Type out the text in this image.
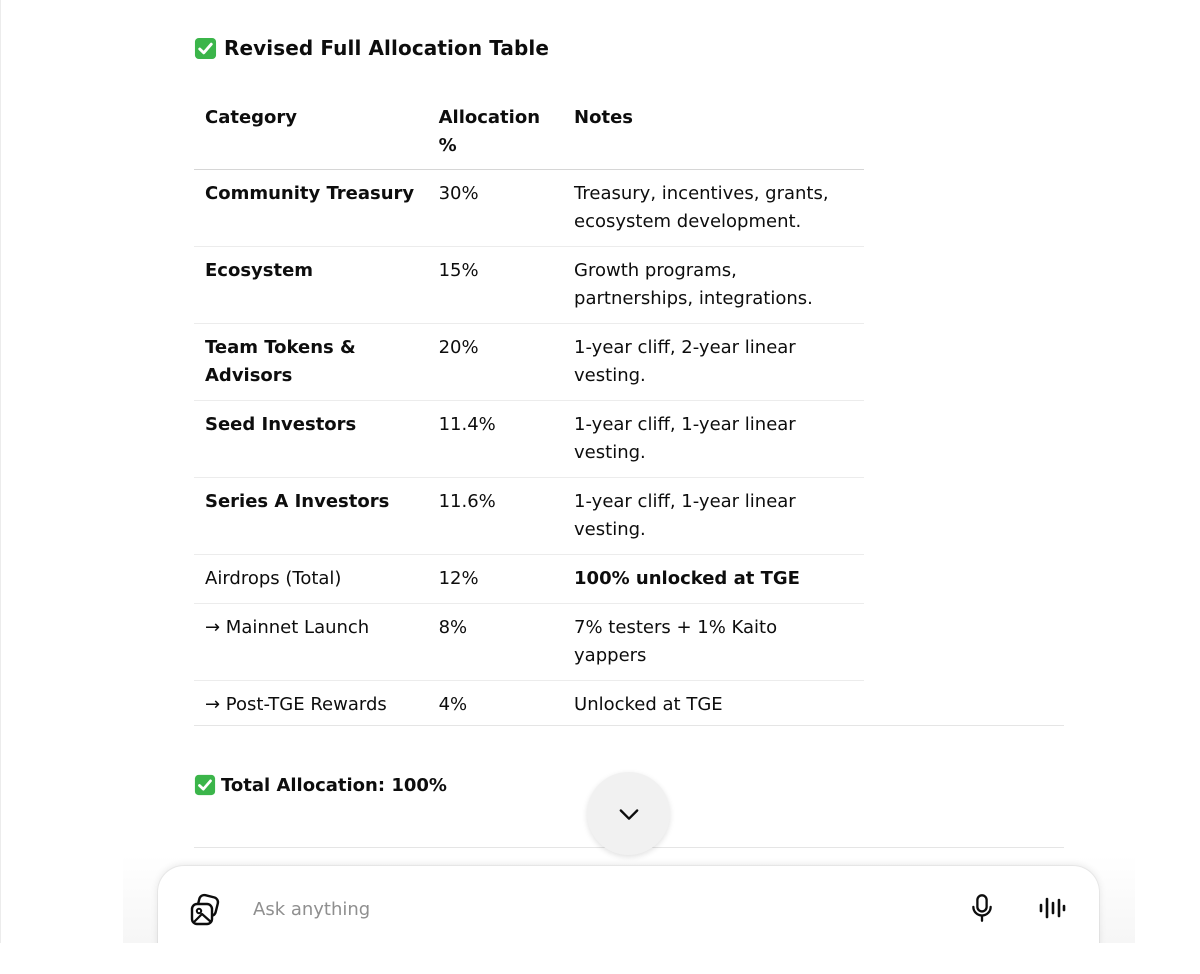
Revised Full Allocation Table
Category	Allocation %	Notes
Community Treasury	30%	Treasury, incentives, grants, ecosystem development.
Ecosystem	15%	Growth programs, partnerships, integrations.
Team Tokens & Advisors	20%	1-year cliff, 2-year linear vesting.
Seed Investors	11.4%	1-year cliff, 1-year linear vesting.
Series A Investors	11.6%	1-year cliff, 1-year linear vesting.
Airdrops (Total)	12%	100% unlocked at TGE
→ Mainnet Launch	8%	7% testers + 1% Kaito yappers
→ Post-TGE Rewards	4%	Unlocked at TGE
Total Allocation: 100%
Ask anything
